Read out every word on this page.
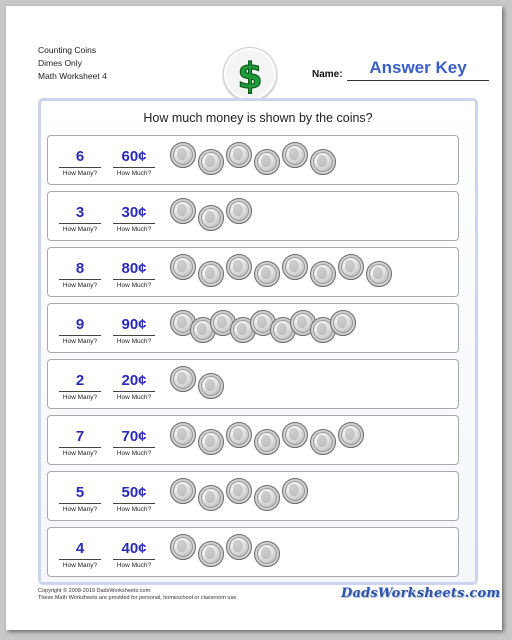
Counting Coins
Dimes Only
Math Worksheet 4	$	Name:	Answer Key
How much money is shown by the coins?
6
How Many?
60¢
How Much?
3
How Many?
30¢
How Much?
8
How Many?
80¢
How Much?
9
How Many?
90¢
How Much?
2
How Many?
20¢
How Much?
7
How Many?
70¢
How Much?
5
How Many?
50¢
How Much?
4
How Many?
40¢
How Much?
Copyright © 2008-2019 DadsWorksheets.com
These Math Worksheets are provided for personal, homeschool or classroom use.	DadsWorksheets.com
